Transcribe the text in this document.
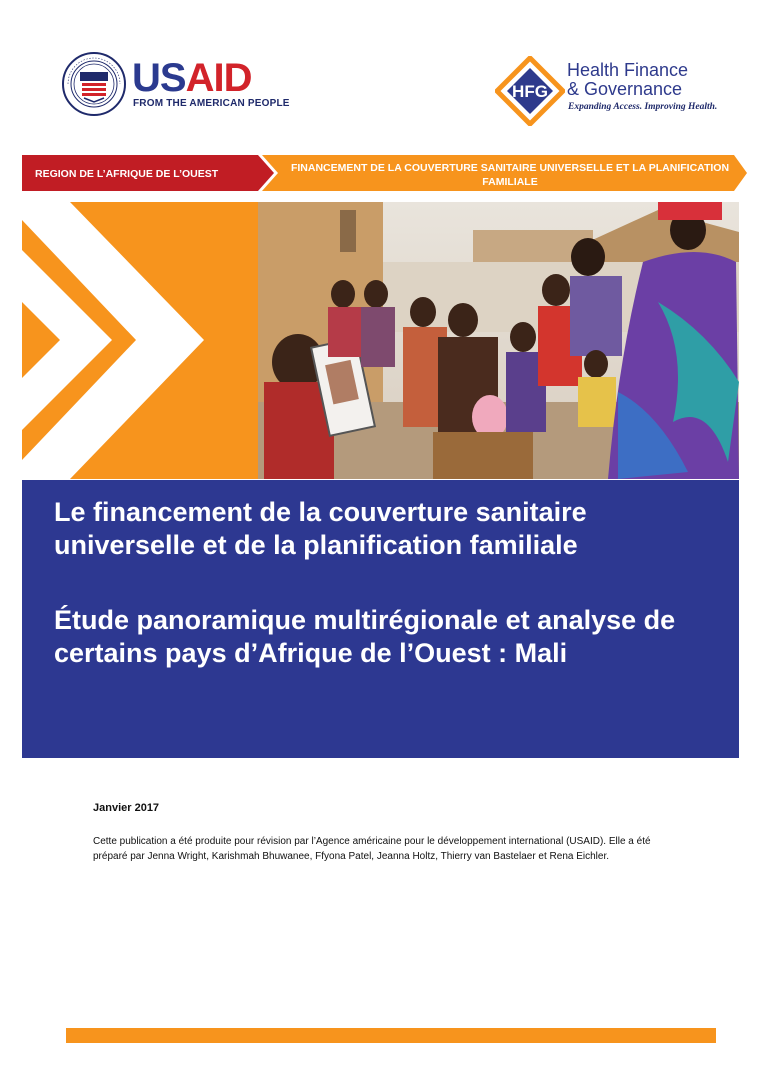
USAID
FROM THE AMERICAN PEOPLE
HFG
Health Finance
& Governance
Expanding Access. Improving Health.
REGION DE L’AFRIQUE DE L’OUEST	FINANCEMENT DE LA COUVERTURE SANITAIRE UNIVERSELLE ET LA PLANIFICATION FAMILIALE
Le financement de la couverture sanitaire universelle et de la planification familiale
Étude panoramique multirégionale et analyse de certains pays d’Afrique de l’Ouest : Mali
Janvier 2017
Cette publication a été produite pour révision par l’Agence américaine pour le développement international (USAID). Elle a été préparé par Jenna Wright, Karishmah Bhuwanee, Ffyona Patel, Jeanna Holtz, Thierry van Bastelaer et Rena Eichler.
